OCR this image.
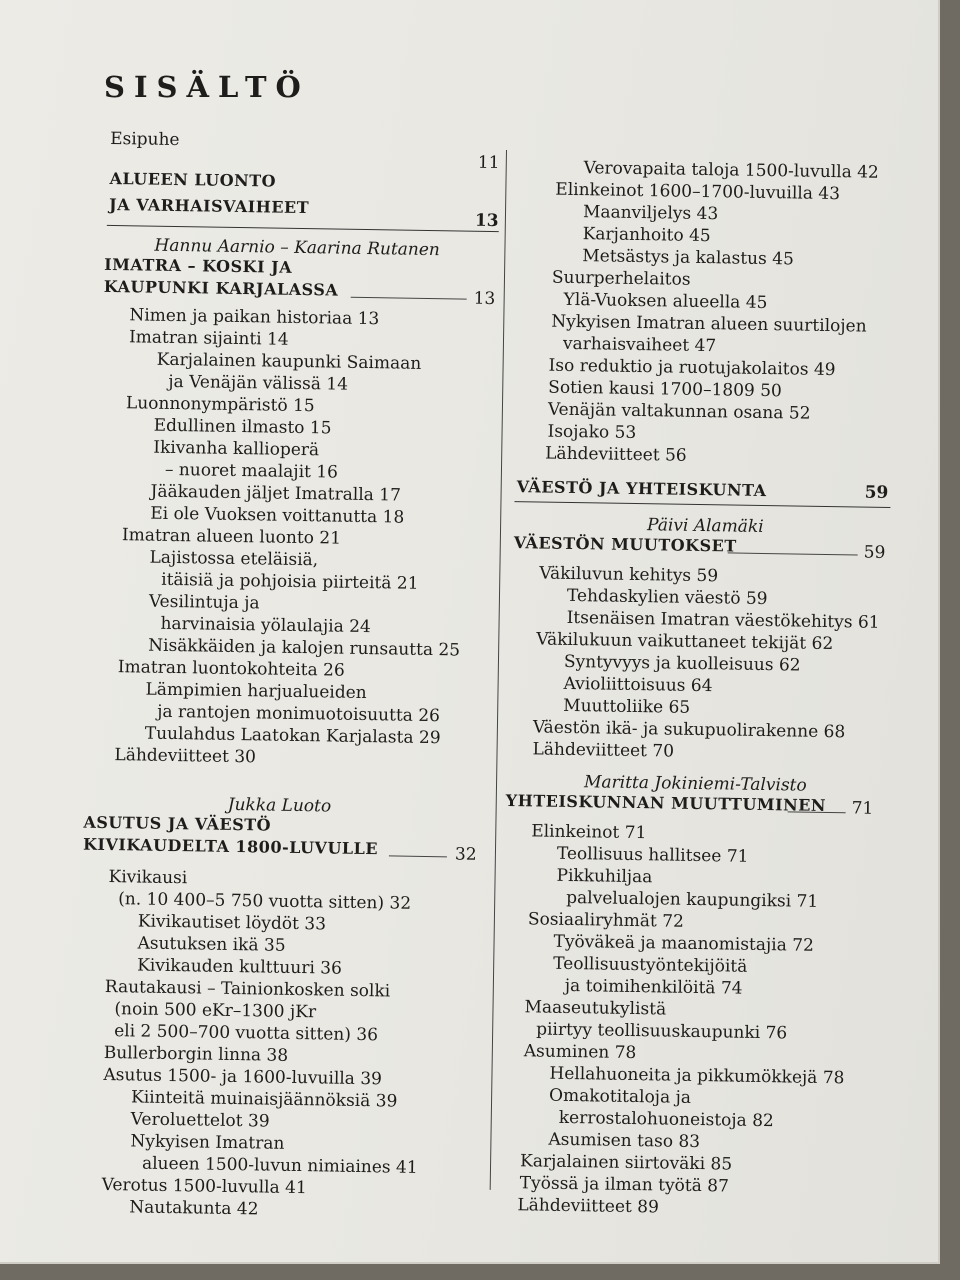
SISÄLTÖ
Esipuhe
11
ALUEEN LUONTO
JA VARHAISVAIHEET
13
Hannu Aarnio – Kaarina Rutanen
IMATRA – KOSKI JA
KAUPUNKI KARJALASSA	13
Nimen ja paikan historiaa 13
Imatran sijainti 14
Karjalainen kaupunki Saimaan
ja Venäjän välissä 14
Luonnonympäristö 15
Edullinen ilmasto 15
Ikivanha kallioperä
– nuoret maalajit 16
Jääkauden jäljet Imatralla 17
Ei ole Vuoksen voittanutta 18
Imatran alueen luonto 21
Lajistossa eteläisiä,
itäisiä ja pohjoisia piirteitä 21
Vesilintuja ja
harvinaisia yölaulajia 24
Nisäkkäiden ja kalojen runsautta 25
Imatran luontokohteita 26
Lämpimien harjualueiden
ja rantojen monimuotoisuutta 26
Tuulahdus Laatokan Karjalasta 29
Lähdeviitteet 30
Jukka Luoto
ASUTUS JA VÄESTÖ
KIVIKAUDELTA 1800-LUVULLE	32
Kivikausi
(n. 10 400–5 750 vuotta sitten) 32
Kivikautiset löydöt 33
Asutuksen ikä 35
Kivikauden kulttuuri 36
Rautakausi – Tainionkosken solki
(noin 500 eKr–1300 jKr
eli 2 500–700 vuotta sitten) 36
Bullerborgin linna 38
Asutus 1500- ja 1600-luvuilla 39
Kiinteitä muinaisjäännöksiä 39
Veroluettelot 39
Nykyisen Imatran
alueen 1500-luvun nimiaines 41
Verotus 1500-luvulla 41
Nautakunta 42
Verovapaita taloja 1500-luvulla 42
Elinkeinot 1600–1700-luvuilla 43
Maanviljelys 43
Karjanhoito 45
Metsästys ja kalastus 45
Suurperhelaitos
Ylä-Vuoksen alueella 45
Nykyisen Imatran alueen suurtilojen
varhaisvaiheet 47
Iso reduktio ja ruotujakolaitos 49
Sotien kausi 1700–1809 50
Venäjän valtakunnan osana 52
Isojako 53
Lähdeviitteet 56
VÄESTÖ JA YHTEISKUNTA	59
Päivi Alamäki
VÄESTÖN MUUTOKSET	59
Väkiluvun kehitys 59
Tehdaskylien väestö 59
Itsenäisen Imatran väestökehitys 61
Väkilukuun vaikuttaneet tekijät 62
Syntyvyys ja kuolleisuus 62
Avioliittoisuus 64
Muuttoliike 65
Väestön ikä- ja sukupuolirakenne 68
Lähdeviitteet 70
Maritta Jokiniemi-Talvisto
YHTEISKUNNAN MUUTTUMINEN 71
Elinkeinot 71
Teollisuus hallitsee 71
Pikkuhiljaa
palvelualojen kaupungiksi 71
Sosiaaliryhmät 72
Työväkeä ja maanomistajia 72
Teollisuustyöntekijöitä
ja toimihenkilöitä 74
Maaseutukylistä
piirtyy teollisuuskaupunki 76
Asuminen 78
Hellahuoneita ja pikkumökkejä 78
Omakotitaloja ja
kerrostalohuoneistoja 82
Asumisen taso 83
Karjalainen siirtoväki 85
Työssä ja ilman työtä 87
Lähdeviitteet 89
